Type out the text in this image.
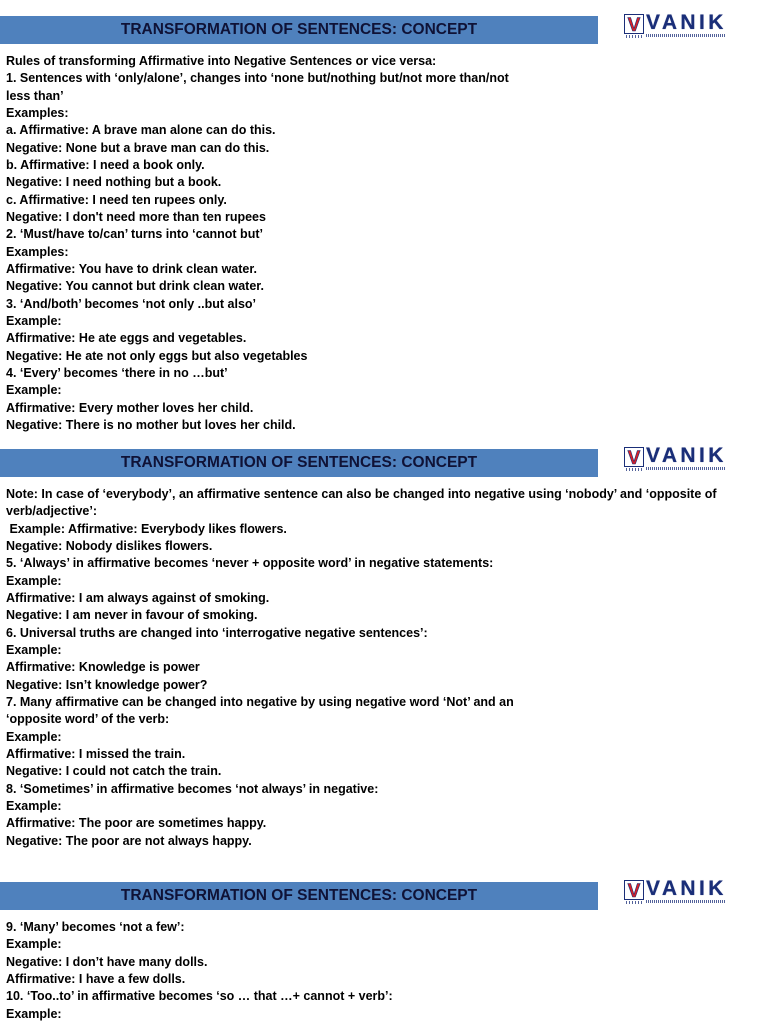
TRANSFORMATION OF SENTENCES: CONCEPT	V VANIK
Rules of transforming Affirmative into Negative Sentences or vice versa:
1. Sentences with ‘only/alone’, changes into ‘none but/nothing but/not more than/not
less than’
Examples:
a. Affirmative: A brave man alone can do this.
Negative: None but a brave man can do this.
b. Affirmative: I need a book only.
Negative: I need nothing but a book.
c. Affirmative: I need ten rupees only.
Negative: I don't need more than ten rupees
2. ‘Must/have to/can’ turns into ‘cannot but’
Examples:
Affirmative: You have to drink clean water.
Negative: You cannot but drink clean water.
3. ‘And/both’ becomes ‘not only ..but also’
Example:
Affirmative: He ate eggs and vegetables.
Negative: He ate not only eggs but also vegetables
4. ‘Every’ becomes ‘there in no …but’
Example:
Affirmative: Every mother loves her child.
Negative: There is no mother but loves her child.
TRANSFORMATION OF SENTENCES: CONCEPT	V VANIK
Note: In case of ‘everybody’, an affirmative sentence can also be changed into negative using ‘nobody’ and ‘opposite of
verb/adjective’:
Example: Affirmative: Everybody likes flowers.
Negative: Nobody dislikes flowers.
5. ‘Always’ in affirmative becomes ‘never + opposite word’ in negative statements:
Example:
Affirmative: I am always against of smoking.
Negative: I am never in favour of smoking.
6. Universal truths are changed into ‘interrogative negative sentences’:
Example:
Affirmative: Knowledge is power
Negative: Isn’t knowledge power?
7. Many affirmative can be changed into negative by using negative word ‘Not’ and an
‘opposite word’ of the verb:
Example:
Affirmative: I missed the train.
Negative: I could not catch the train.
8. ‘Sometimes’ in affirmative becomes ‘not always’ in negative:
Example:
Affirmative: The poor are sometimes happy.
Negative: The poor are not always happy.
TRANSFORMATION OF SENTENCES: CONCEPT	V VANIK
9. ‘Many’ becomes ‘not a few’:
Example:
Negative: I don’t have many dolls.
Affirmative: I have a few dolls.
10. ‘Too..to’ in affirmative becomes ‘so … that …+ cannot + verb’:
Example:
